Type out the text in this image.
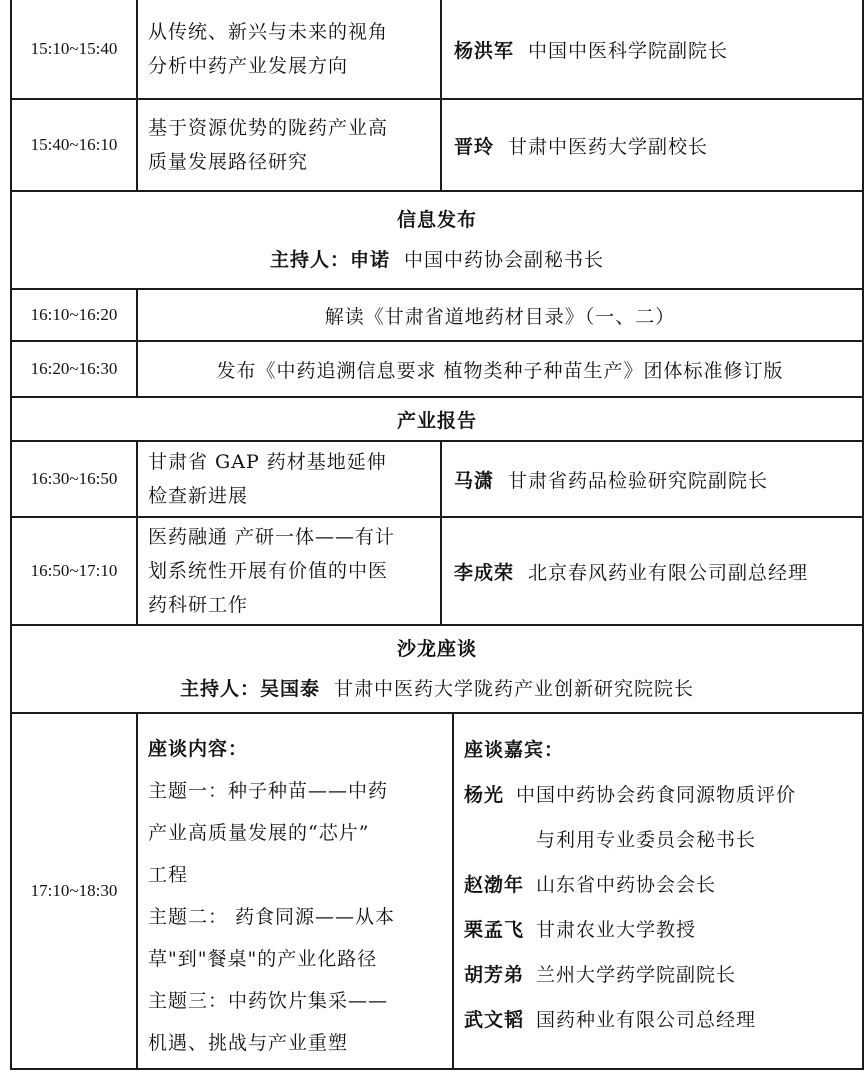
15:10~15:40
从传统、新兴与未来的视角
分析中药产业发展方向
杨洪军 中国中医科学院副院长
15:40~16:10
基于资源优势的陇药产业高
质量发展路径研究
晋玲 甘肃中医药大学副校长
信息发布
主持人：申诺 中国中药协会副秘书长
16:10~16:20	解读《甘肃省道地药材目录》（一、二）
16:20~16:30	发布《中药追溯信息要求 植物类种子种苗生产》团体标准修订版
产业报告
16:30~16:50
甘肃省 GAP 药材基地延伸
检查新进展
马潇 甘肃省药品检验研究院副院长
16:50~17:10
医药融通 产研一体——有计
划系统性开展有价值的中医
药科研工作
李成荣 北京春风药业有限公司副总经理
沙龙座谈
主持人：吴国泰 甘肃中医药大学陇药产业创新研究院院长
17:10~18:30
座谈内容：
主题一：种子种苗——中药
产业高质量发展的“芯片”
工程
主题二： 药食同源——从本
草"到"餐桌"的产业化路径
主题三：中药饮片集采——
机遇、挑战与产业重塑
座谈嘉宾：
杨光 中国中药协会药食同源物质评价
与利用专业委员会秘书长
赵渤年 山东省中药协会会长
栗孟飞 甘肃农业大学教授
胡芳弟 兰州大学药学院副院长
武文韬 国药种业有限公司总经理
